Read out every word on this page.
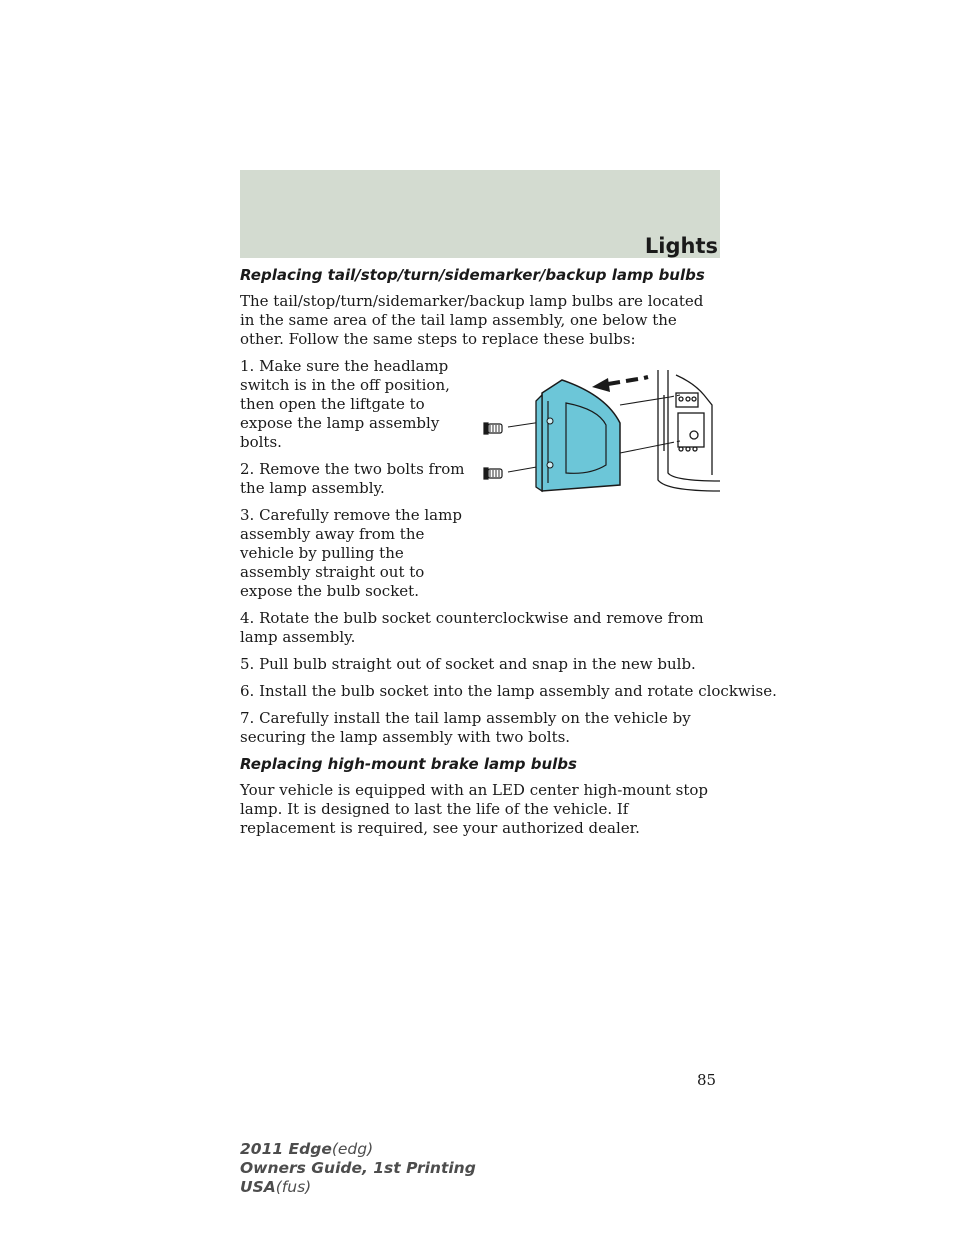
Lights
Replacing tail/stop/turn/sidemarker/backup lamp bulbs

The tail/stop/turn/sidemarker/backup lamp bulbs are located in the same area of the tail lamp assembly, one below the other. Follow the same steps to replace these bulbs:

1. Make sure the headlamp switch is in the off position, then open the liftgate to expose the lamp assembly bolts.

2. Remove the two bolts from the lamp assembly.

3. Carefully remove the lamp assembly away from the vehicle by pulling the assembly straight out to expose the bulb socket.

4. Rotate the bulb socket counterclockwise and remove from lamp assembly.

5. Pull bulb straight out of socket and snap in the new bulb.

6. Install the bulb socket into the lamp assembly and rotate clockwise.

7. Carefully install the tail lamp assembly on the vehicle by securing the lamp assembly with two bolts.

Replacing high-mount brake lamp bulbs

Your vehicle is equipped with an LED center high-mount stop lamp. It is designed to last the life of the vehicle. If replacement is required, see your authorized dealer.

85
2011 Edge(edg)
Owners Guide, 1st Printing
USA(fus)
